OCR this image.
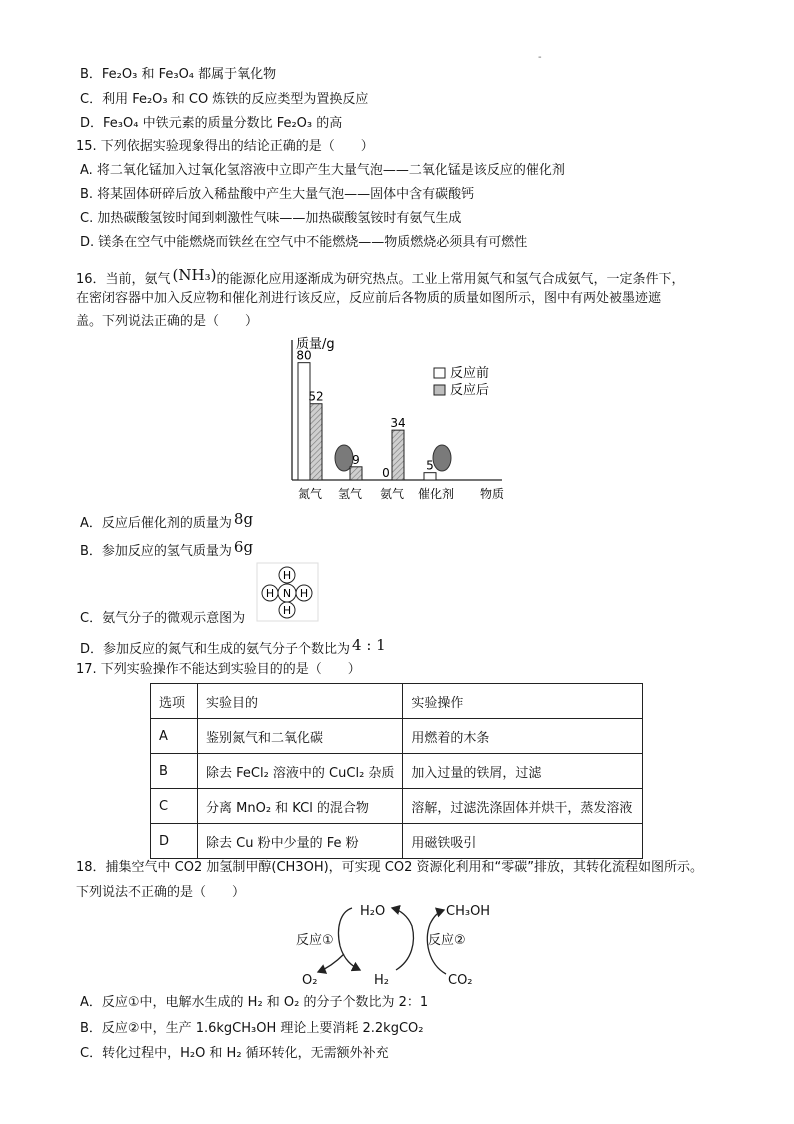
-
B．Fe₂O₃ 和 Fe₃O₄ 都属于氧化物
C．利用 Fe₂O₃ 和 CO 炼铁的反应类型为置换反应
D．Fe₃O₄ 中铁元素的质量分数比 Fe₂O₃ 的高
15. 下列依据实验现象得出的结论正确的是（　　）
A. 将二氧化锰加入过氧化氢溶液中立即产生大量气泡——二氧化锰是该反应的催化剂
B. 将某固体研碎后放入稀盐酸中产生大量气泡——固体中含有碳酸钙
C. 加热碳酸氢铵时闻到刺激性气味——加热碳酸氢铵时有氨气生成
D. 镁条在空气中能燃烧而铁丝在空气中不能燃烧——物质燃烧必须具有可燃性
16．当前，氨气 (NH₃)的能源化应用逐渐成为研究热点。工业上常用氮气和氢气合成氨气，一定条件下，
在密闭容器中加入反应物和催化剂进行该反应，反应前后各物质的质量如图所示，图中有两处被墨迹遮
盖。下列说法正确的是（　　）
质量/g
物质
反应前
反应后
氮气
80
52
氢气
9
氨气
0
34
催化剂
5
A．反应后催化剂的质量为 8g
B．参加反应的氢气质量为 6g
H
H H
H
N
C．氨气分子的微观示意图为
D．参加反应的氮气和生成的氨气分子个数比为 4 : 1
17. 下列实验操作不能达到实验目的的是（　　）
选项	实验目的	实验操作
A	鉴别氮气和二氧化碳	用燃着的木条
B	除去 FeCl₂ 溶液中的 CuCl₂ 杂质	加入过量的铁屑，过滤
C	分离 MnO₂ 和 KCl 的混合物	溶解，过滤洗涤固体并烘干，蒸发溶液
D	除去 Cu 粉中少量的 Fe 粉	用磁铁吸引
18．捕集空气中 CO2 加氢制甲醇(CH3OH)，可实现 CO2 资源化利用和“零碳”排放，其转化流程如图所示。
下列说法不正确的是（　　）
H₂O	CH₃OH
O₂	H₂	CO₂
反应①	反应②
A．反应①中，电解水生成的 H₂ 和 O₂ 的分子个数比为 2：1
B．反应②中，生产 1.6kgCH₃OH 理论上要消耗 2.2kgCO₂
C．转化过程中，H₂O 和 H₂ 循环转化，无需额外补充
